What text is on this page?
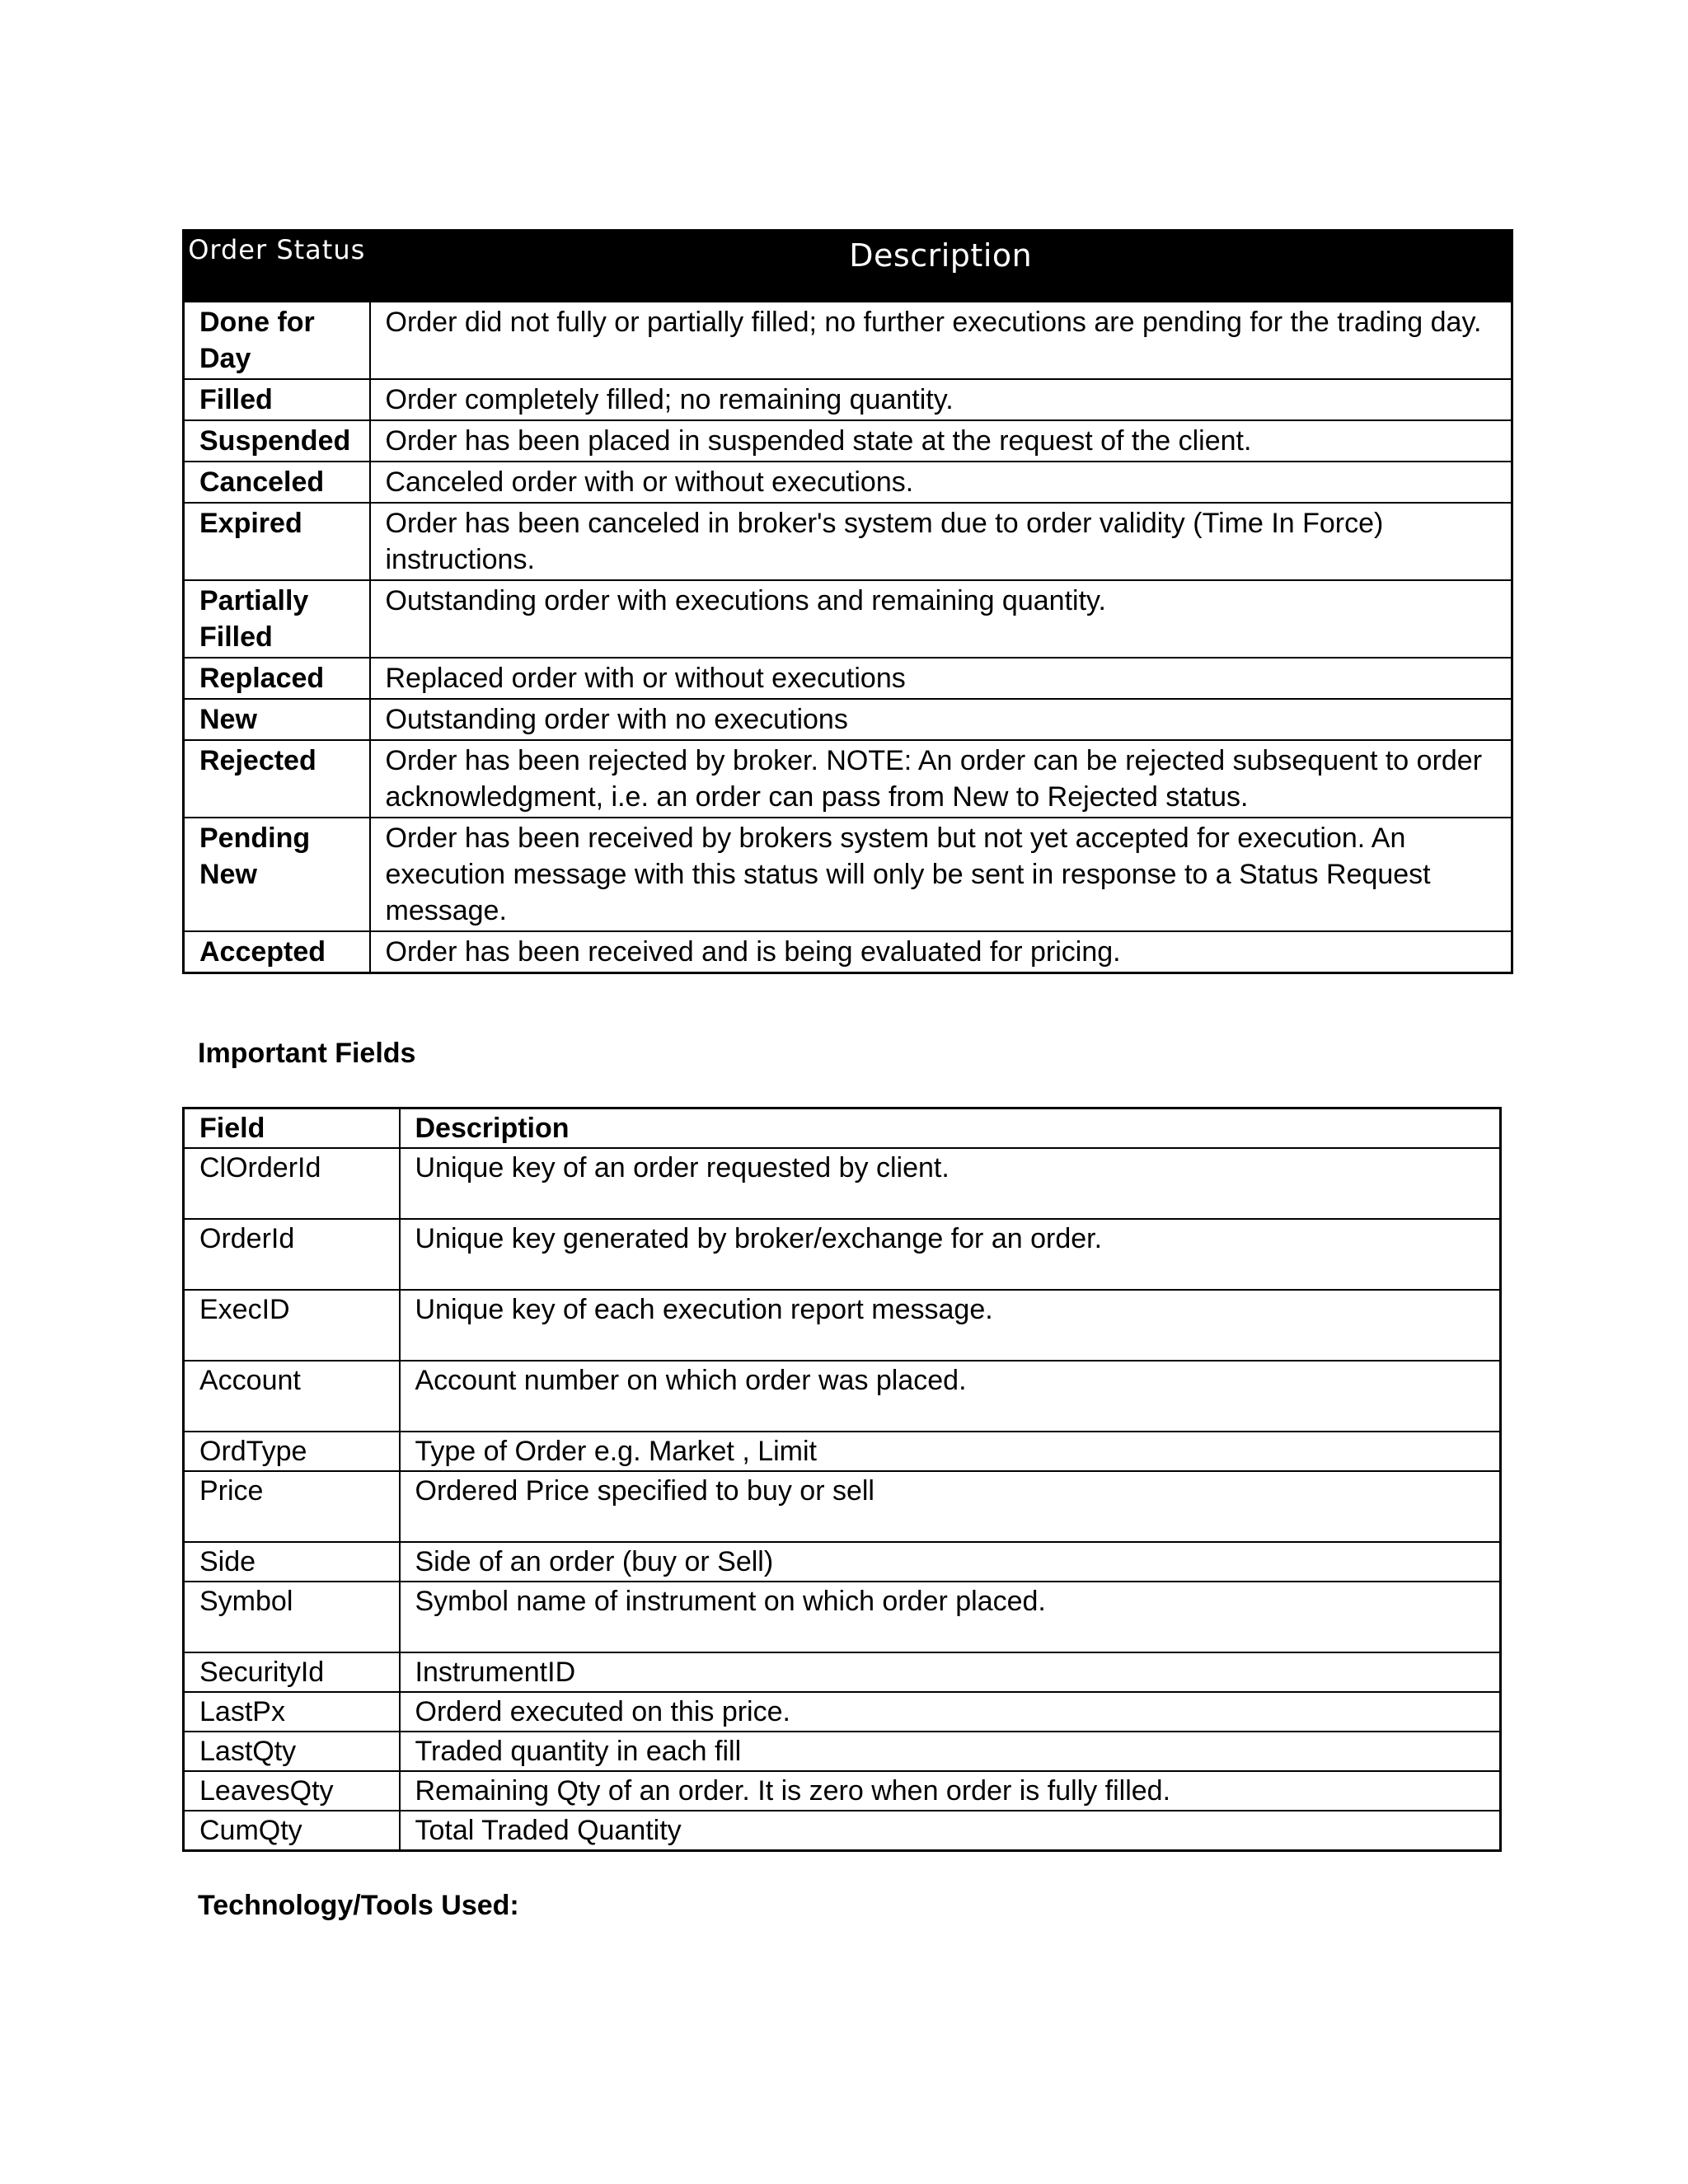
Order Status	Description
Done for Day	Order did not fully or partially filled; no further executions are pending for the trading day.
Filled	Order completely filled; no remaining quantity.
Suspended	Order has been placed in suspended state at the request of the client.
Canceled	Canceled order with or without executions.
Expired	Order has been canceled in broker's system due to order validity (Time In Force) instructions.
Partially Filled	Outstanding order with executions and remaining quantity.
Replaced	Replaced order with or without executions
New	Outstanding order with no executions
Rejected	Order has been rejected by broker. NOTE: An order can be rejected subsequent to order acknowledgment, i.e. an order can pass from New to Rejected status.
Pending New	Order has been received by brokers system but not yet accepted for execution. An execution message with this status will only be sent in response to a Status Request message.
Accepted	Order has been received and is being evaluated for pricing.
Important Fields
Field	Description
ClOrderId	Unique key of an order requested by client.
OrderId	Unique key generated by broker/exchange for an order.
ExecID	Unique key of each execution report message.
Account	Account number on which order was placed.
OrdType	Type of Order e.g. Market , Limit
Price	Ordered Price specified to buy or sell
Side	Side of an order (buy or Sell)
Symbol	Symbol name of instrument on which order placed.
SecurityId	InstrumentID
LastPx	Orderd executed on this price.
LastQty	Traded quantity in each fill
LeavesQty	Remaining Qty of an order. It is zero when order is fully filled.
CumQty	Total Traded Quantity
Technology/Tools Used:
